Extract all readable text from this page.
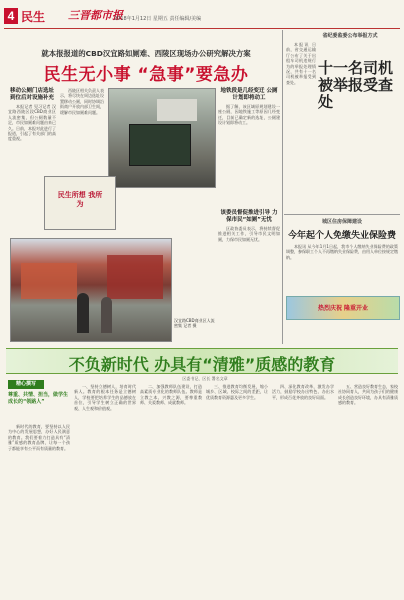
4 民生 三晋都市报
2018年1月12日 星期五 责任编辑/美编
就本报报道的CBD汉宜路如厕难、西陵区现场办公研究解决方案
民生无小事 “急事”要急办
移动公厕门店选址 到位后对设施补充

本报记者 见习记者 汉宜路西陵区段CBD商业区人流密集，但公厕数量不足，市民如厕难问题由来已久。日前，本报对此进行了报道，引起了有关部门的高度重视。

西陵区相关负责人表示，将尽快在周边选址设置移动公厕，同时协调沿街商户开放内部卫生间，缓解市民如厕难问题。

地铁段是几经变迁 公厕计划即将动工

据了解，该区域原规划建设一座公厕，因地铁施工等原因几经变迁，目前已确定新的选址，公厕建设计划即将动工。

该委员督促推进引导 力保市民“如厕”无忧

区政协委员表示，将持续督促推进相关工作，引导市民文明如厕，力保市民如厕无忧。

民生所想 我所为
汉宜路CBD商业区人流密集 记者 摄
省纪委监委公布举报方式
十一名司机被举报受查处

本报讯 日前，省交通运输厅公布了关于出租车司机违规行为的举报处理情况，共有十一名司机被举报受到查处。

城区住房保障建设
今年起个人免缴失业保险费

本报讯 从今年1月1日起，我市个人缴纳失业保险费的政策调整，参保职工个人不再缴纳失业保险费，由用人单位按规定缴纳。

热烈庆祝 隆重开业
不负新时代 办具有“清雅”质感的教育
区委书记、区长 署名文章
精心撰写
尊重、共情、担当，做学生成长的“领路人”

新时代的教育，要坚持以人民为中心的发展思想，办好人民满意的教育。我们要着力打造具有“清雅”质感的教育品牌，让每一个孩子都能享有公平而有质量的教育。

一、坚持立德树人，培育时代新人。教育的根本任务是立德树人，学校要把培养学生的品德放在首位，引导学生树立正确的世界观、人生观和价值观。

二、加强教师队伍建设，打造高素质专业化的教师队伍。教师是立教之本、兴教之源，要尊重教师、关爱教师、成就教师。

三、推进教育均衡发展，缩小城乡、区域、校际之间的差距，让优质教育资源惠及更多学生。

四、深化教育改革，激发办学活力，鼓励学校办出特色、办出水平，形成百花齐放的良好局面。

五、营造良好教育生态，家校社协同育人，共同为孩子们的健康成长创造良好环境，办具有清雅质感的教育。
